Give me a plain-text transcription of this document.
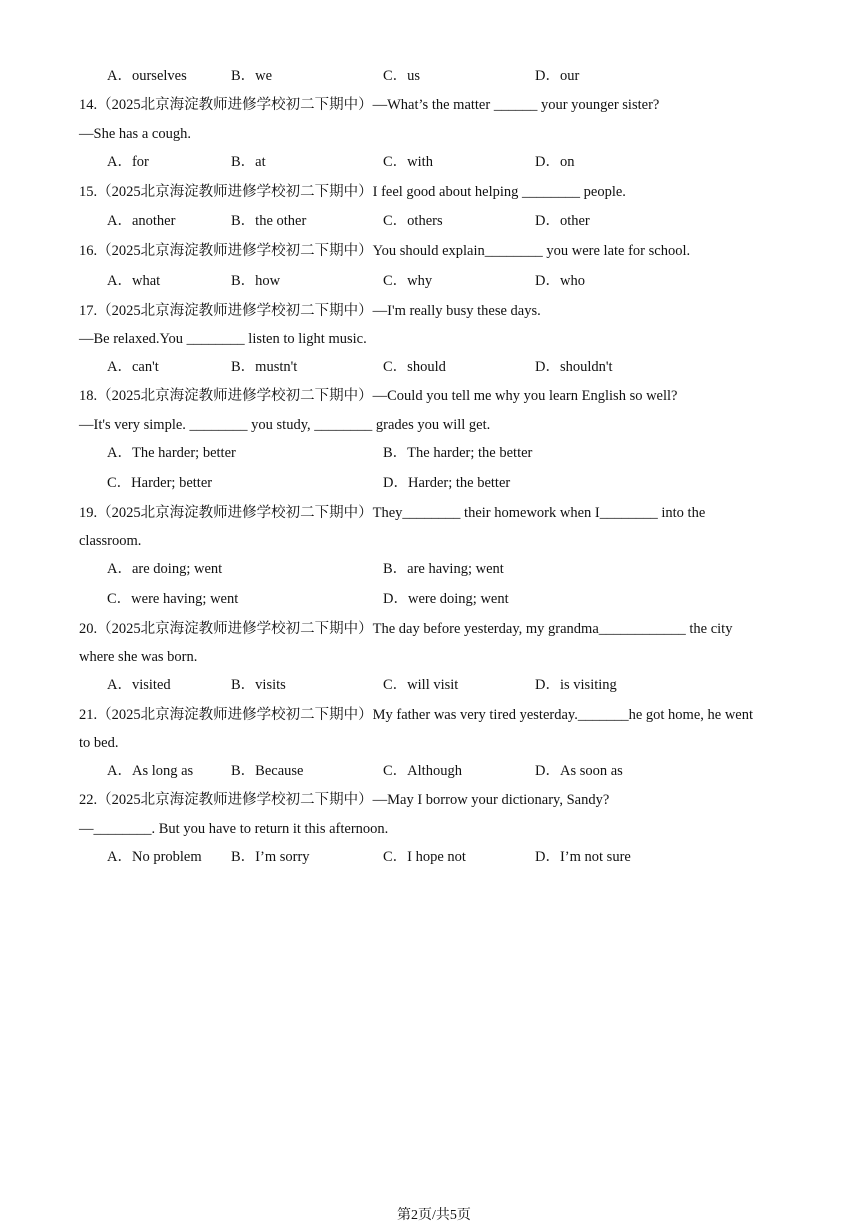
A．ourselves	B．we	C．us	D．our
14.（2025北京海淀教师进修学校初二下期中）—What’s the matter ______ your younger sister?
—She has a cough.
A．for	B．at	C．with	D．on
15.（2025北京海淀教师进修学校初二下期中）I feel good about helping ________ people.
A．another	B．the other	C．others	D．other
16.（2025北京海淀教师进修学校初二下期中）You should explain________ you were late for school.
A．what	B．how	C．why	D．who
17.（2025北京海淀教师进修学校初二下期中）—I'm really busy these days.
—Be relaxed.You ________ listen to light music.
A．can't	B．mustn't	C．should	D．shouldn't
18.（2025北京海淀教师进修学校初二下期中）—Could you tell me why you learn English so well?
—It's very simple. ________ you study, ________ grades you will get.
A．The harder; better	B．The harder; the better
C．Harder; better	D．Harder; the better
19.（2025北京海淀教师进修学校初二下期中）They________ their homework when I________ into the
classroom.
A．are doing; went	B．are having; went
C．were having; went	D．were doing; went
20.（2025北京海淀教师进修学校初二下期中）The day before yesterday, my grandma____________ the city
where she was born.
A．visited	B．visits	C．will visit	D．is visiting
21.（2025北京海淀教师进修学校初二下期中）My father was very tired yesterday._______he got home, he went
to bed.
A．As long as	B．Because	C．Although	D．As soon as
22.（2025北京海淀教师进修学校初二下期中）—May I borrow your dictionary, Sandy?
—________. But you have to return it this afternoon.
A．No problem B．I’m sorry	C．I hope not	D．I’m not sure
第2页/共5页
